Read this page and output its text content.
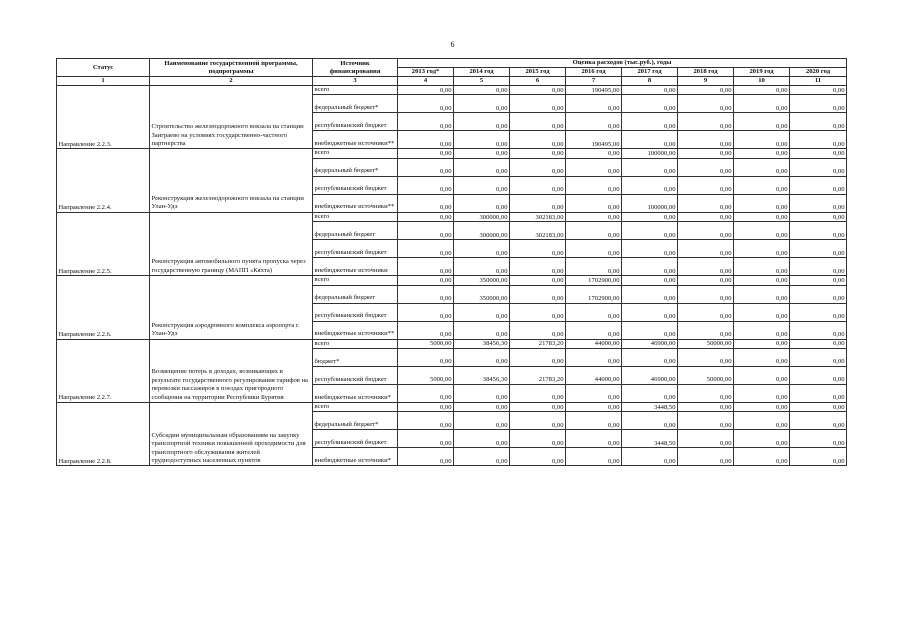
6
Статус	Наименование государственной программы, подпрограммы	Источник финансирования	Оценка расходов (тыс.руб.), годы							
			2013 год*	2014 год	2015 год	2016 год	2017 год	2018 год	2019 год	2020 год
1	2	3	4	5	6	7	8	9	10	11
Направление 2.2.3.	Строительство железнодорожного вокзала на станции Заиграево на условиях государственно-частного партнерства	всего	0,00	0,00	0,00	190495,00	0,00	0,00	0,00	0,00
		федеральный бюджет*	0,00	0,00	0,00	0,00	0,00	0,00	0,00	0,00
		республиканский бюджет	0,00	0,00	0,00	0,00	0,00	0,00	0,00	0,00
		внебюджетные источники**	0,00	0,00	0,00	190495,00	0,00	0,00	0,00	0,00
Направление 2.2.4.	Реконструкция железнодорожного вокзала на станции Улан-Удэ	всего	0,00	0,00	0,00	0,00	100000,00	0,00	0,00	0,00
		федеральный бюджет*	0,00	0,00	0,00	0,00	0,00	0,00	0,00	0,00
		республиканский бюджет	0,00	0,00	0,00	0,00	0,00	0,00	0,00	0,00
		внебюджетные источники**	0,00	0,00	0,00	0,00	100000,00	0,00	0,00	0,00
Направление 2.2.5.	Реконструкция автомобильного пункта пропуска через государственную границу (МАПП «Кяхта)	всего	0,00	300000,00	302183,00	0,00	0,00	0,00	0,00	0,00
		федеральный бюджет	0,00	300000,00	302183,00	0,00	0,00	0,00	0,00	0,00
		республиканский бюджет	0,00	0,00	0,00	0,00	0,00	0,00	0,00	0,00
		внебюджетные источники	0,00	0,00	0,00	0,00	0,00	0,00	0,00	0,00
Направление 2.2.6.	Реконструкция аэродромного комплекса аэропорта г. Улан-Удэ	всего	0,00	350000,00	0,00	1702900,00	0,00	0,00	0,00	0,00
		федеральный бюджет	0,00	350000,00	0,00	1702900,00	0,00	0,00	0,00	0,00
		республиканский бюджет	0,00	0,00	0,00	0,00	0,00	0,00	0,00	0,00
		внебюджетные источники**	0,00	0,00	0,00	0,00	0,00	0,00	0,00	0,00
Направление 2.2.7.	Возмещение потерь в доходах, возникающих в результате государственного регулирования тарифов на перевозки пассажиров в поездах пригородного сообщения на территории Республики Бурятия	всего	5000,00	38456,30	21783,20	44000,00	46900,00	50000,00	0,00	0,00
		бюджет*	0,00	0,00	0,00	0,00	0,00	0,00	0,00	0,00
		республиканский бюджет	5000,00	38456,30	21783,20	44000,00	46900,00	50000,00	0,00	0,00
		внебюджетные источники*	0,00	0,00	0,00	0,00	0,00	0,00	0,00	0,00
Направление 2.2.8.	Субсидии муниципальным образованиям на закупку транспортной техники повышенной проходимости для транспортного обслуживания жителей труднодоступных населенных пунктов	всего	0,00	0,00	0,00	0,00	3448,50	0,00	0,00	0,00
		федеральный бюджет*	0,00	0,00	0,00	0,00	0,00	0,00	0,00	0,00
		республиканский бюджет	0,00	0,00	0,00	0,00	3448,50	0,00	0,00	0,00
		внебюджетные источники*	0,00	0,00	0,00	0,00	0,00	0,00	0,00	0,00
